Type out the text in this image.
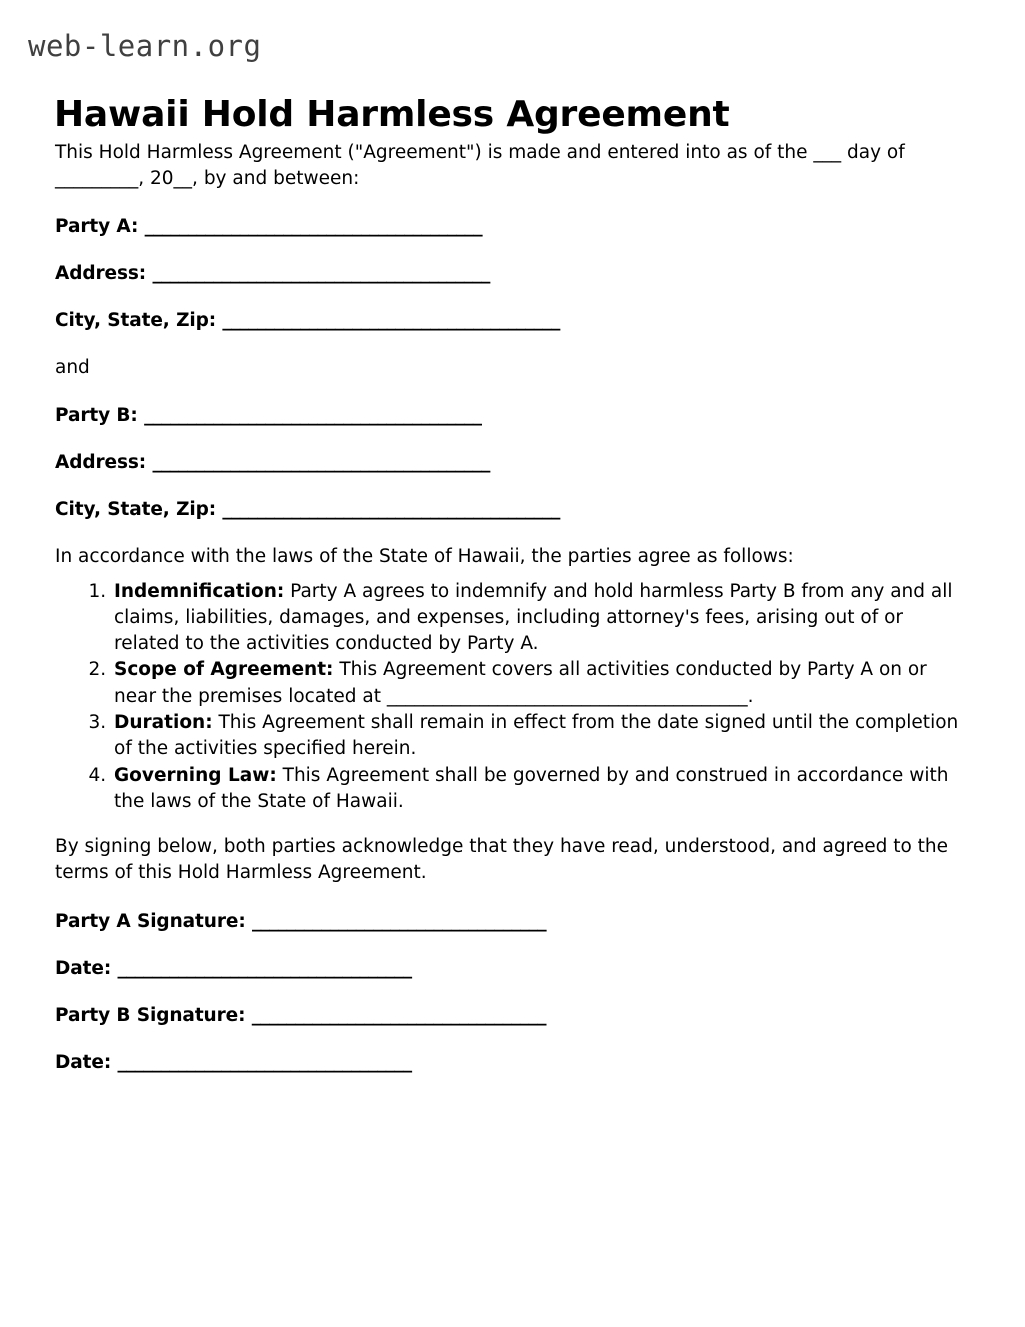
web-learn.org
Hawaii Hold Harmless Agreement

This Hold Harmless Agreement ("Agreement") is made and entered into as of the ___ day of _________, 20__, by and between:

Party A: _______________________________________
Address: _______________________________________
City, State, Zip: _______________________________________

and

Party B: _______________________________________
Address: _______________________________________
City, State, Zip: _______________________________________

In accordance with the laws of the State of Hawaii, the parties agree as follows:

1. Indemnification: Party A agrees to indemnify and hold harmless Party B from any and all claims, liabilities, damages, and expenses, including attorney's fees, arising out of or related to the activities conducted by Party A.
2. Scope of Agreement: This Agreement covers all activities conducted by Party A on or near the premises located at _______________________________________.
3. Duration: This Agreement shall remain in effect from the date signed until the completion of the activities specified herein.
4. Governing Law: This Agreement shall be governed by and construed in accordance with the laws of the State of Hawaii.

By signing below, both parties acknowledge that they have read, understood, and agreed to the terms of this Hold Harmless Agreement.

Party A Signature: __________________________________
Date: __________________________________
Party B Signature: __________________________________
Date: __________________________________
